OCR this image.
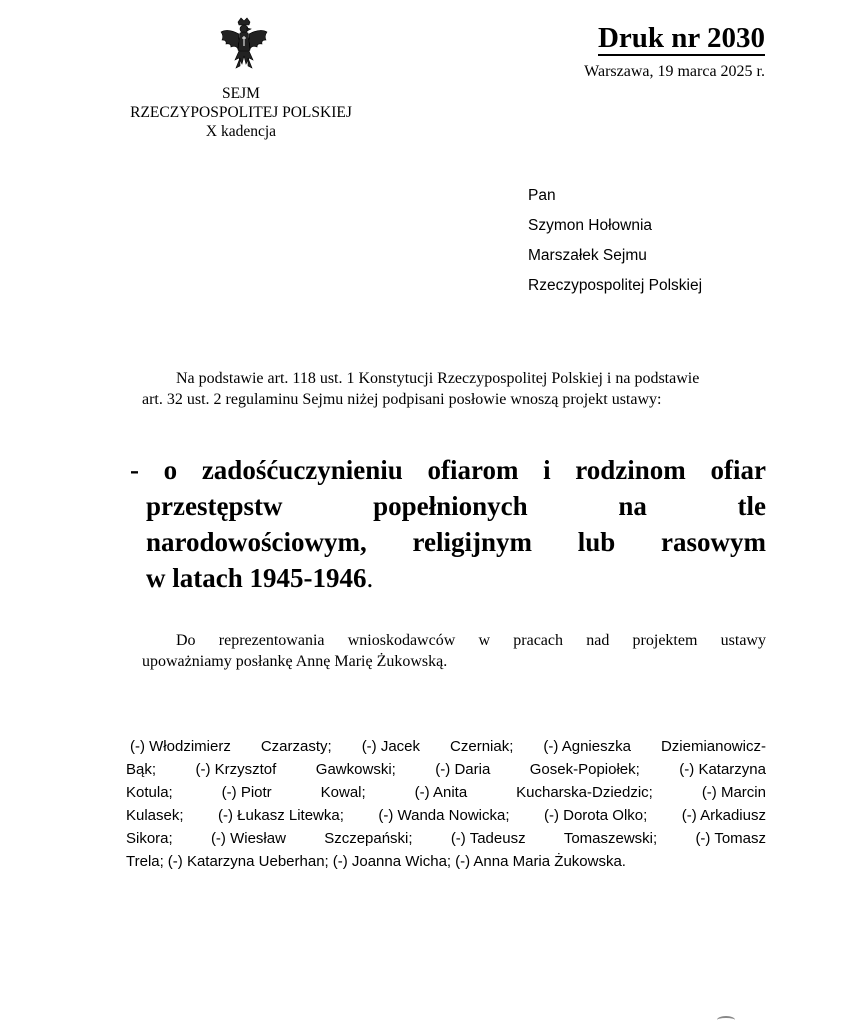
SEJM
RZECZYPOSPOLITEJ POLSKIEJ
X kadencja
Druk nr 2030
Warszawa, 19 marca 2025 r.
Pan
Szymon Hołownia
Marszałek Sejmu
Rzeczypospolitej Polskiej
Na podstawie art. 118 ust. 1 Konstytucji Rzeczypospolitej Polskiej i na podstawie
art. 32 ust. 2 regulaminu Sejmu niżej podpisani posłowie wnoszą projekt ustawy:
- o zadośćuczynieniu ofiarom i rodzinom ofiar
przestępstw	popełnionych	na	tle
narodowościowym, religijnym lub rasowym
w latach 1945-1946 .
Do reprezentowania wnioskodawców w pracach nad projektem ustawy
upoważniamy posłankę Annę Marię Żukowską.
(-) Włodzimierz Czarzasty; (-) Jacek Czerniak; (-) Agnieszka Dziemianowicz-
Bąk;	(-) Krzysztof	Gawkowski;	(-) Daria	Gosek-Popiołek;	(-) Katarzyna
Kotula;	(-) Piotr	Kowal;	(-) Anita	Kucharska-Dziedzic;	(-) Marcin
Kulasek; (-) Łukasz Litewka; (-) Wanda Nowicka; (-) Dorota Olko; (-) Arkadiusz
Sikora;	(-) Wiesław	Szczepański;	(-) Tadeusz	Tomaszewski;	(-) Tomasz
Trela; (-) Katarzyna Ueberhan; (-) Joanna Wicha; (-) Anna Maria Żukowska.
